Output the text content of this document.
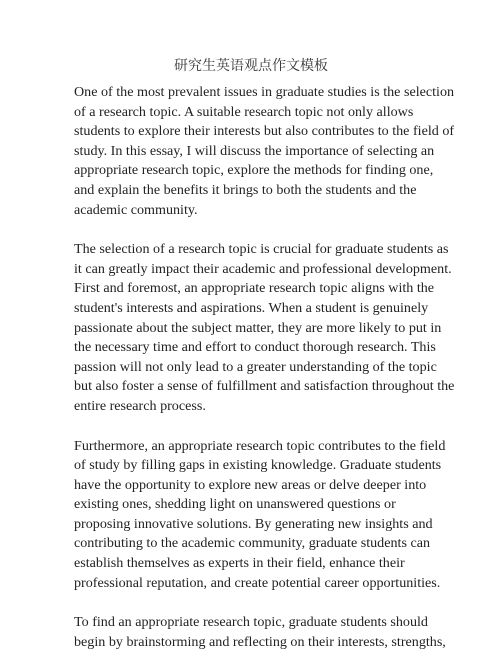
研究生英语观点作文模板

One of the most prevalent issues in graduate studies is the selection
of a research topic. A suitable research topic not only allows
students to explore their interests but also contributes to the field of
study. In this essay, I will discuss the importance of selecting an
appropriate research topic, explore the methods for finding one,
and explain the benefits it brings to both the students and the
academic community.

The selection of a research topic is crucial for graduate students as
it can greatly impact their academic and professional development.
First and foremost, an appropriate research topic aligns with the
student's interests and aspirations. When a student is genuinely
passionate about the subject matter, they are more likely to put in
the necessary time and effort to conduct thorough research. This
passion will not only lead to a greater understanding of the topic
but also foster a sense of fulfillment and satisfaction throughout the
entire research process.

Furthermore, an appropriate research topic contributes to the field
of study by filling gaps in existing knowledge. Graduate students
have the opportunity to explore new areas or delve deeper into
existing ones, shedding light on unanswered questions or
proposing innovative solutions. By generating new insights and
contributing to the academic community, graduate students can
establish themselves as experts in their field, enhance their
professional reputation, and create potential career opportunities.

To find an appropriate research topic, graduate students should
begin by brainstorming and reflecting on their interests, strengths,
